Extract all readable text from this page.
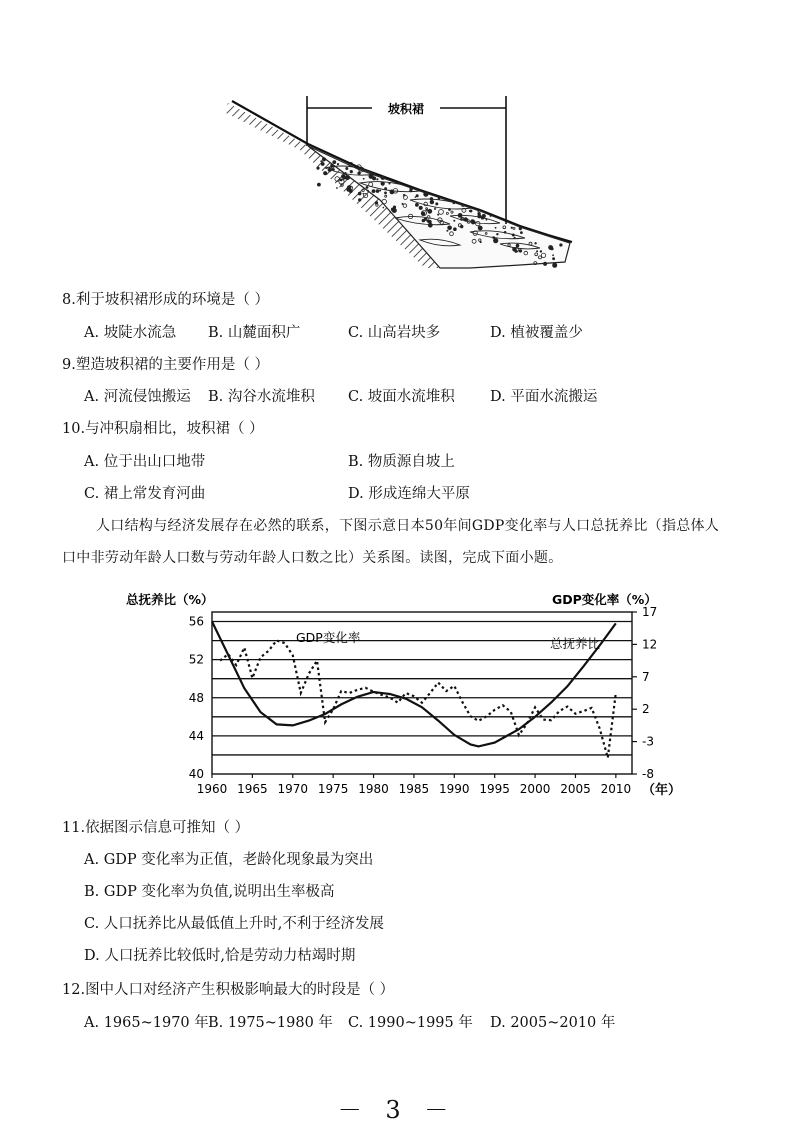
坡积裙
8.利于坡积裙形成的环境是（ ）
A. 坡陡水流急 B. 山麓面积广	C. 山高岩块多	D. 植被覆盖少
9.塑造坡积裙的主要作用是（ ）
A. 河流侵蚀搬运 B. 沟谷水流堆积 C. 坡面水流堆积 D. 平面水流搬运
10.与冲积扇相比，坡积裙（ ）
A. 位于出山口地带	B. 物质源自坡上
C. 裙上常发育河曲	D. 形成连绵大平原
人口结构与经济发展存在必然的联系，下图示意日本50年间GDP变化率与人口总抚养比（指总体人
口中非劳动年龄人口数与劳动年龄人口数之比）关系图。读图，完成下面小题。
总抚养比（%）	GDP变化率（%）
56
52
48
44
40
17
12
7
2
-3
-8
1960 1965 1970 1975 1980 1985 1990 1995 2000 2005 2010
GDP变化率	总抚养比
（年）
11.依据图示信息可推知（ ）
A. GDP 变化率为正值，老龄化现象最为突出
B. GDP 变化率为负值,说明出生率极高
C. 人口抚养比从最低值上升时,不利于经济发展
D. 人口抚养比较低时,恰是劳动力枯竭时期
12.图中人口对经济产生积极影响最大的时段是（ ）
A. 1965~1970 年 B. 1975~1980 年 C. 1990~1995 年 D. 2005~2010 年
－ 3 －
